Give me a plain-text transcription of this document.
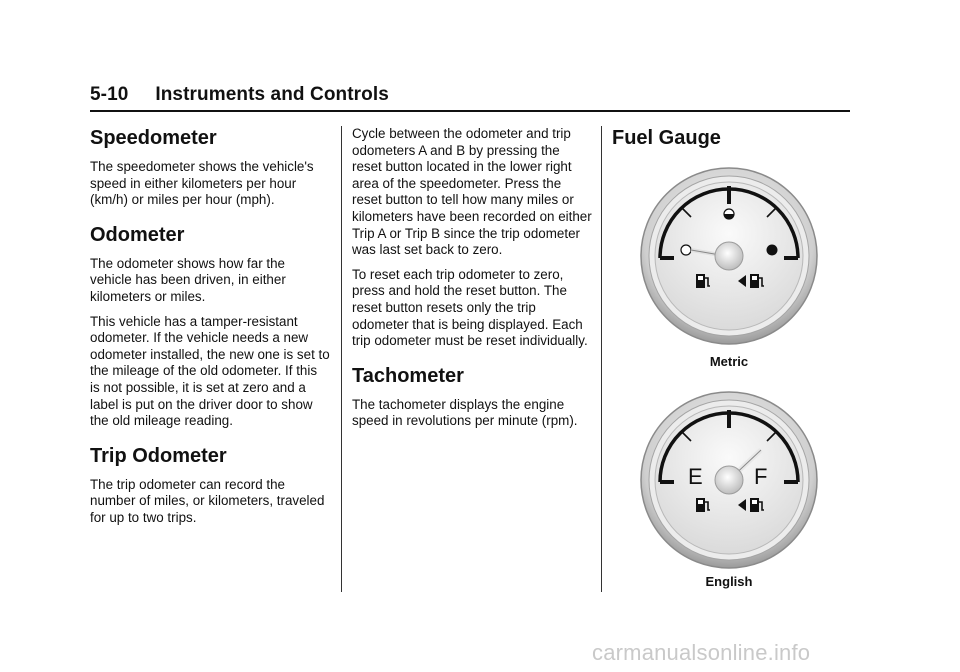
5-10     Instruments and Controls
Speedometer

The speedometer shows the vehicle's speed in either kilometers per hour (km/h) or miles per hour (mph).

Odometer

The odometer shows how far the vehicle has been driven, in either kilometers or miles.

This vehicle has a tamper-resistant odometer. If the vehicle needs a new odometer installed, the new one is set to the mileage of the old odometer. If this is not possible, it is set at zero and a label is put on the driver door to show the old mileage reading.

Trip Odometer

The trip odometer can record the number of miles, or kilometers, traveled for up to two trips.

Cycle between the odometer and trip odometers A and B by pressing the reset button located in the lower right area of the speedometer. Press the reset button to tell how many miles or kilometers have been recorded on either Trip A or Trip B since the trip odometer was last set back to zero.

To reset each trip odometer to zero, press and hold the reset button. The reset button resets only the trip odometer that is being displayed. Each trip odometer must be reset individually.

Tachometer

The tachometer displays the engine speed in revolutions per minute (rpm).

Fuel Gauge
Metric
E F
English
carmanualsonline.info
